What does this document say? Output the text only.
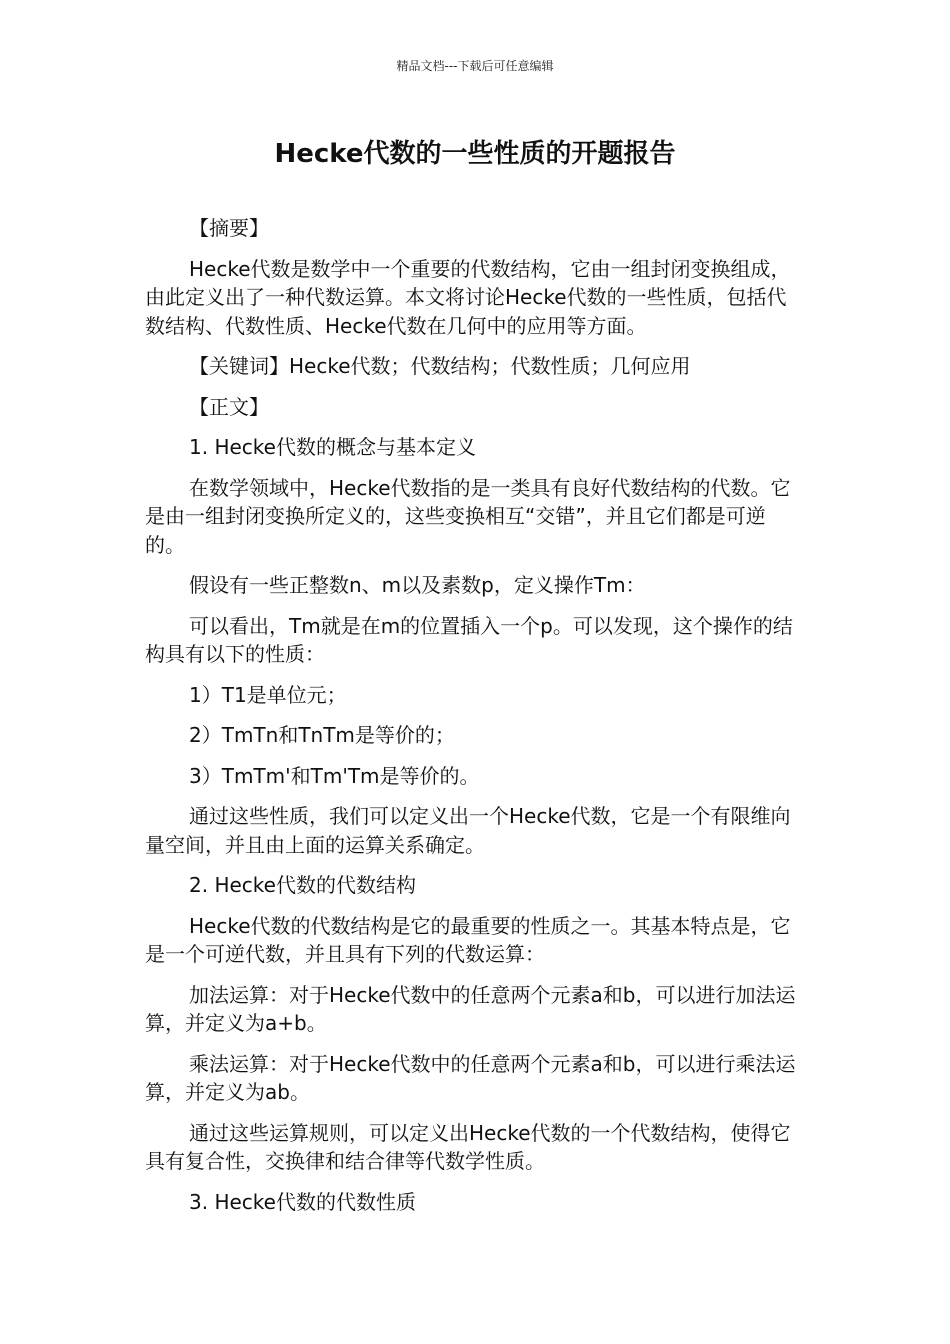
精品文档---下载后可任意编辑
Hecke代数的一些性质的开题报告

【摘要】

Hecke代数是数学中一个重要的代数结构，它由一组封闭变换组成，由此定义出了一种代数运算。本文将讨论Hecke代数的一些性质，包括代数结构、代数性质、Hecke代数在几何中的应用等方面。

【关键词】Hecke代数；代数结构；代数性质；几何应用

【正文】

1. Hecke代数的概念与基本定义

在数学领域中，Hecke代数指的是一类具有良好代数结构的代数。它是由一组封闭变换所定义的，这些变换相互“交错”，并且它们都是可逆的。

假设有一些正整数n、m以及素数p，定义操作Tm：

可以看出，Tm就是在m的位置插入一个p。可以发现，这个操作的结构具有以下的性质：

1）T1是单位元；

2）TmTn和TnTm是等价的；

3）TmTm'和Tm'Tm是等价的。

通过这些性质，我们可以定义出一个Hecke代数，它是一个有限维向量空间，并且由上面的运算关系确定。

2. Hecke代数的代数结构

Hecke代数的代数结构是它的最重要的性质之一。其基本特点是，它是一个可逆代数，并且具有下列的代数运算：

加法运算：对于Hecke代数中的任意两个元素a和b，可以进行加法运算，并定义为a+b。

乘法运算：对于Hecke代数中的任意两个元素a和b，可以进行乘法运算，并定义为ab。

通过这些运算规则，可以定义出Hecke代数的一个代数结构，使得它具有复合性，交换律和结合律等代数学性质。

3. Hecke代数的代数性质
